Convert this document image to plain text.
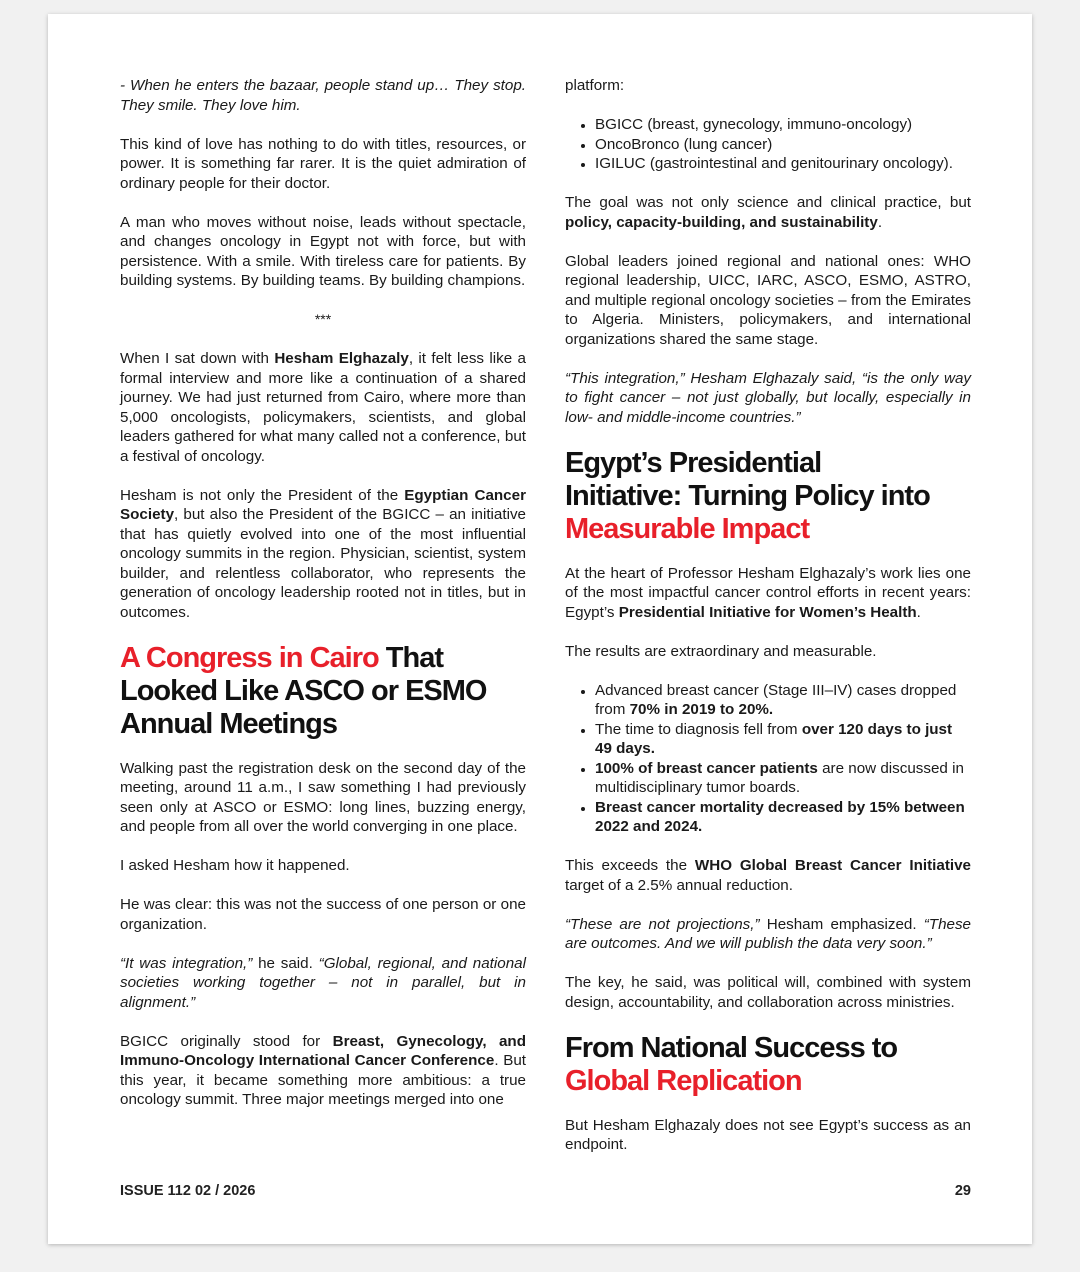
- When he enters the bazaar, people stand up… They stop. They smile. They love him.

This kind of love has nothing to do with titles, resources, or power. It is something far rarer. It is the quiet admiration of ordinary people for their doctor.

A man who moves without noise, leads without spectacle, and changes oncology in Egypt not with force, but with persistence. With a smile. With tireless care for patients. By building systems. By building teams. By building champions.

***

When I sat down with Hesham Elghazaly, it felt less like a formal interview and more like a continuation of a shared journey. We had just returned from Cairo, where more than 5,000 oncologists, policymakers, scientists, and global leaders gathered for what many called not a conference, but a festival of oncology.

Hesham is not only the President of the Egyptian Cancer Society, but also the President of the BGICC – an initiative that has quietly evolved into one of the most influential oncology summits in the region. Physician, scientist, system builder, and relentless collaborator, who represents the generation of oncology leadership rooted not in titles, but in outcomes.

A Congress in Cairo That Looked Like ASCO or ESMO Annual Meetings

Walking past the registration desk on the second day of the meeting, around 11 a.m., I saw something I had previously seen only at ASCO or ESMO: long lines, buzzing energy, and people from all over the world converging in one place.

I asked Hesham how it happened.

He was clear: this was not the success of one person or one organization.

“It was integration,” he said. “Global, regional, and national societies working together – not in parallel, but in alignment.”

BGICC originally stood for Breast, Gynecology, and Immuno-Oncology International Cancer Conference. But this year, it became something more ambitious: a true oncology summit. Three major meetings merged into one

platform:

• BGICC (breast, gynecology, immuno-oncology)
• OncoBronco (lung cancer)
• IGILUC (gastrointestinal and genitourinary oncology).

The goal was not only science and clinical practice, but policy, capacity-building, and sustainability.

Global leaders joined regional and national ones: WHO regional leadership, UICC, IARC, ASCO, ESMO, ASTRO, and multiple regional oncology societies – from the Emirates to Algeria. Ministers, policymakers, and international organizations shared the same stage.

“This integration,” Hesham Elghazaly said, “is the only way to fight cancer – not just globally, but locally, especially in low- and middle-income countries.”

Egypt’s Presidential
Initiative: Turning Policy into
Measurable Impact

At the heart of Professor Hesham Elghazaly’s work lies one of the most impactful cancer control efforts in recent years: Egypt’s Presidential Initiative for Women’s Health.

The results are extraordinary and measurable.

• Advanced breast cancer (Stage III–IV) cases dropped from 70% in 2019 to 20%.
• The time to diagnosis fell from over 120 days to just 49 days.
• 100% of breast cancer patients are now discussed in multidisciplinary tumor boards.
• Breast cancer mortality decreased by 15% between 2022 and 2024.

This exceeds the WHO Global Breast Cancer Initiative target of a 2.5% annual reduction.

“These are not projections,” Hesham emphasized. “These are outcomes. And we will publish the data very soon.”

The key, he said, was political will, combined with system design, accountability, and collaboration across ministries.

From National Success to
Global Replication

But Hesham Elghazaly does not see Egypt’s success as an endpoint.

ISSUE 112 02 / 2026	29
